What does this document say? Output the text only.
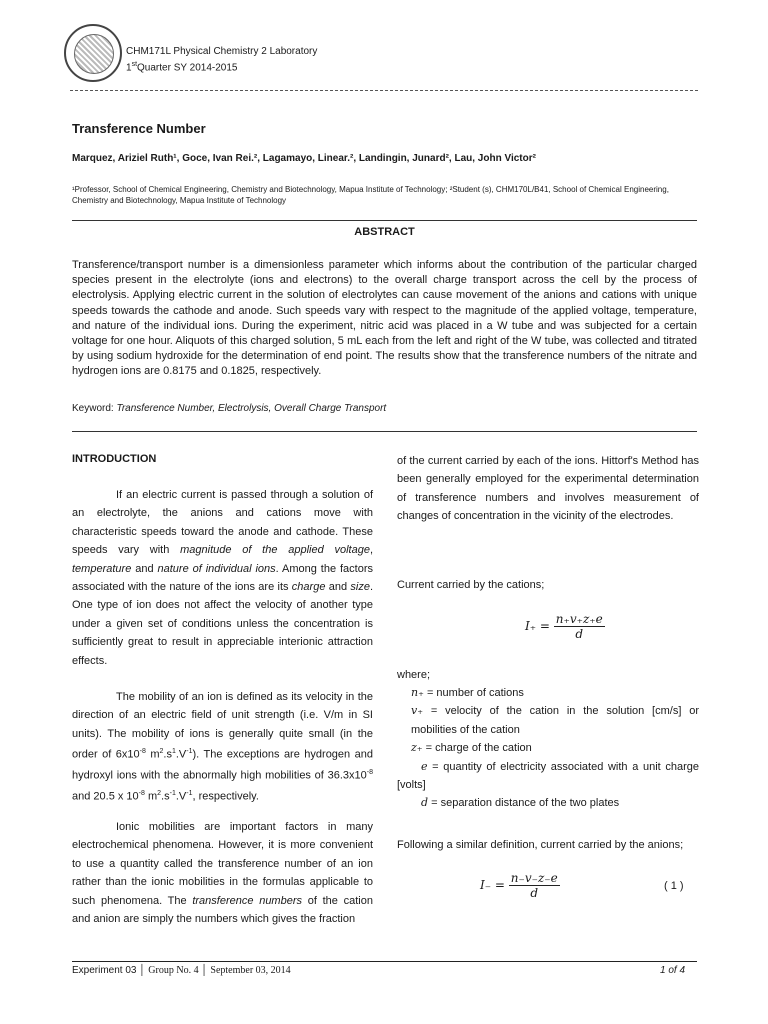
CHM171L Physical Chemistry 2 Laboratory
1stQuarter SY 2014-2015
Transference Number
Marquez, Ariziel Ruth¹, Goce, Ivan Rei.², Lagamayo, Linear.², Landingin, Junard², Lau, John Victor²
¹Professor, School of Chemical Engineering, Chemistry and Biotechnology, Mapua Institute of Technology; ²Student (s), CHM170L/B41, School of Chemical Engineering, Chemistry and Biotechnology, Mapua Institute of Technology
ABSTRACT
Transference/transport number is a dimensionless parameter which informs about the contribution of the particular charged species present in the electrolyte (ions and electrons) to the overall charge transport across the cell by the process of electrolysis. Applying electric current in the solution of electrolytes can cause movement of the anions and cations with unique speeds towards the cathode and anode. Such speeds vary with respect to the magnitude of the applied voltage, temperature, and nature of the individual ions. During the experiment, nitric acid was placed in a W tube and was subjected for a certain voltage for one hour. Aliquots of this charged solution, 5 mL each from the left and right of the W tube, was collected and titrated by using sodium hydroxide for the determination of end point. The results show that the transference numbers of the nitrate and hydrogen ions are 0.8175 and 0.1825, respectively.
Keyword: Transference Number, Electrolysis, Overall Charge Transport
INTRODUCTION
If an electric current is passed through a solution of an electrolyte, the anions and cations move with characteristic speeds toward the anode and cathode. These speeds vary with magnitude of the applied voltage, temperature and nature of individual ions. Among the factors associated with the nature of the ions are its charge and size. One type of ion does not affect the velocity of another type under a given set of conditions unless the concentration is sufficiently great to result in appreciable interionic attraction effects.
The mobility of an ion is defined as its velocity in the direction of an electric field of unit strength (i.e. V/m in SI units). The mobility of ions is generally quite small (in the order of $6x10^{-8}$ $m^2.s^1.V^{-1}$). The exceptions are hydrogen and hydroxyl ions with the abnormally high mobilities of $36.3x10^{-8}$ and 20.5 x $10^{-8}$ $m^2.s^{-1}.V^{-1}$, respectively.
Ionic mobilities are important factors in many electrochemical phenomena. However, it is more convenient to use a quantity called the transference number of an ion rather than the ionic mobilities in the formulas applicable to such phenomena. The transference numbers of the cation and anion are simply the numbers which gives the fraction
of the current carried by each of the ions. Hittorf's Method has been generally employed for the experimental determination of transference numbers and involves measurement of changes of concentration in the vicinity of the electrodes.
Current carried by the cations;
$I_+ = \frac{n_+v_+z_+e}{d}$
where;
n₊ = number of cations
v₊ = velocity of the cation in the solution [cm/s] or mobilities of the cation
z₊ = charge of the cation
e = quantity of electricity associated with a unit charge [volts]
d = separation distance of the two plates
Following a similar definition, current carried by the anions;
$I_- = \frac{n_-v_-z_-e}{d}$	( 1 )
Experiment 03 │ Group No. 4 │ September 03, 2014	1 of 4
